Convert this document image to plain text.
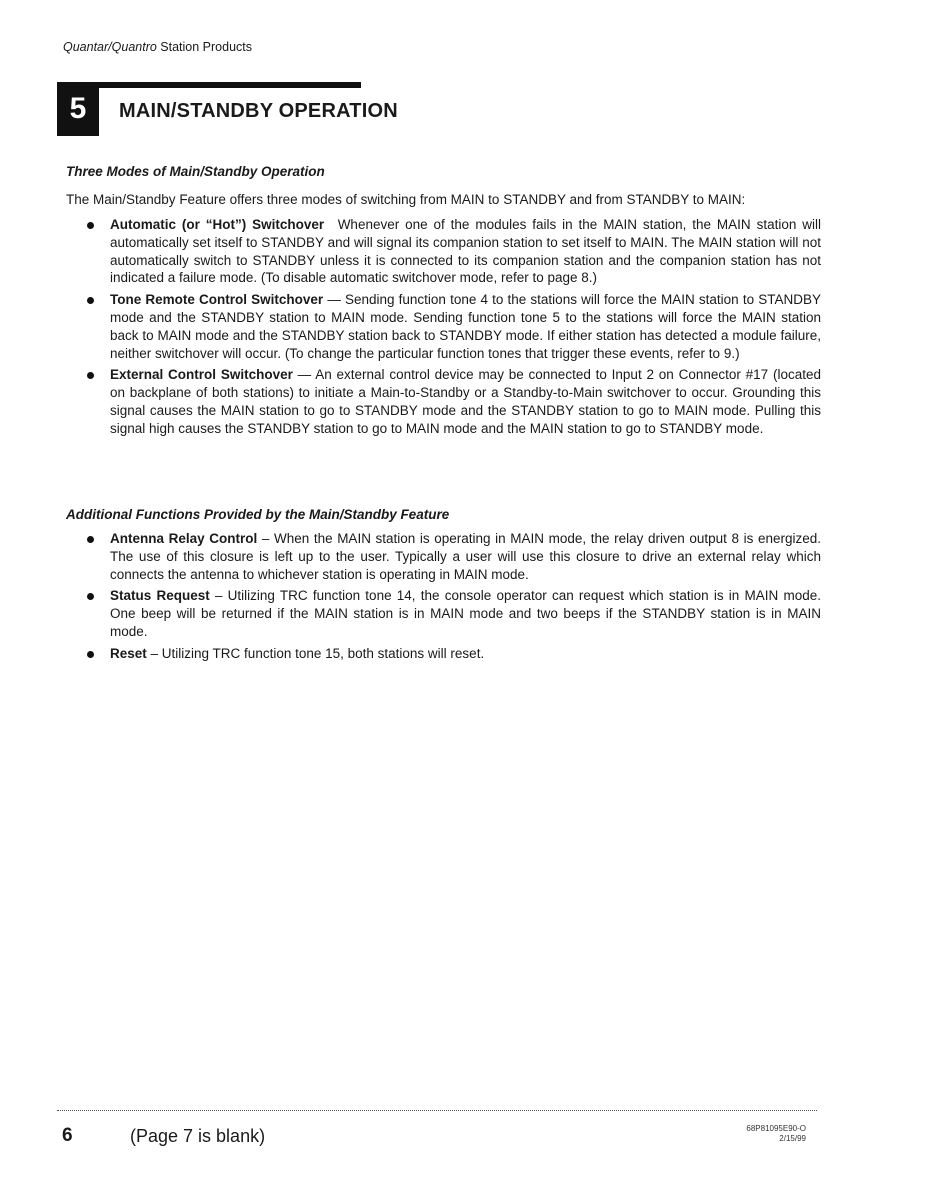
Quantar/Quantro Station Products
5	MAIN/STANDBY OPERATION
Three Modes of Main/Standby Operation
The Main/Standby Feature offers three modes of switching from MAIN to STANDBY and from STANDBY to MAIN:
Automatic (or “Hot”) Switchover Whenever one of the modules fails in the MAIN station, the MAIN station will automatically set itself to STANDBY and will signal its companion station to set itself to MAIN. The MAIN station will not automatically switch to STANDBY unless it is connected to its companion station and the companion station has not indicated a failure mode. (To disable automatic switchover mode, refer to page 8.)
Tone Remote Control Switchover — Sending function tone 4 to the stations will force the MAIN station to STANDBY mode and the STANDBY station to MAIN mode. Sending function tone 5 to the stations will force the MAIN station back to MAIN mode and the STANDBY station back to STANDBY mode. If either station has detected a module failure, neither switchover will occur. (To change the particular function tones that trigger these events, refer to 9.)
External Control Switchover — An external control device may be connected to Input 2 on Connector #17 (located on backplane of both stations) to initiate a Main-to-Standby or a Standby-to-Main switchover to occur. Grounding this signal causes the MAIN station to go to STANDBY mode and the STANDBY station to go to MAIN mode. Pulling this signal high causes the STANDBY station to go to MAIN mode and the MAIN station to go to STANDBY mode.
Additional Functions Provided by the Main/Standby Feature
Antenna Relay Control – When the MAIN station is operating in MAIN mode, the relay driven output 8 is energized. The use of this closure is left up to the user. Typically a user will use this closure to drive an external relay which connects the antenna to whichever station is operating in MAIN mode.
Status Request – Utilizing TRC function tone 14, the console operator can request which station is in MAIN mode. One beep will be returned if the MAIN station is in MAIN mode and two beeps if the STANDBY station is in MAIN mode.
Reset – Utilizing TRC function tone 15, both stations will reset.
6	(Page 7 is blank)	68P81095E90-O
2/15/99
